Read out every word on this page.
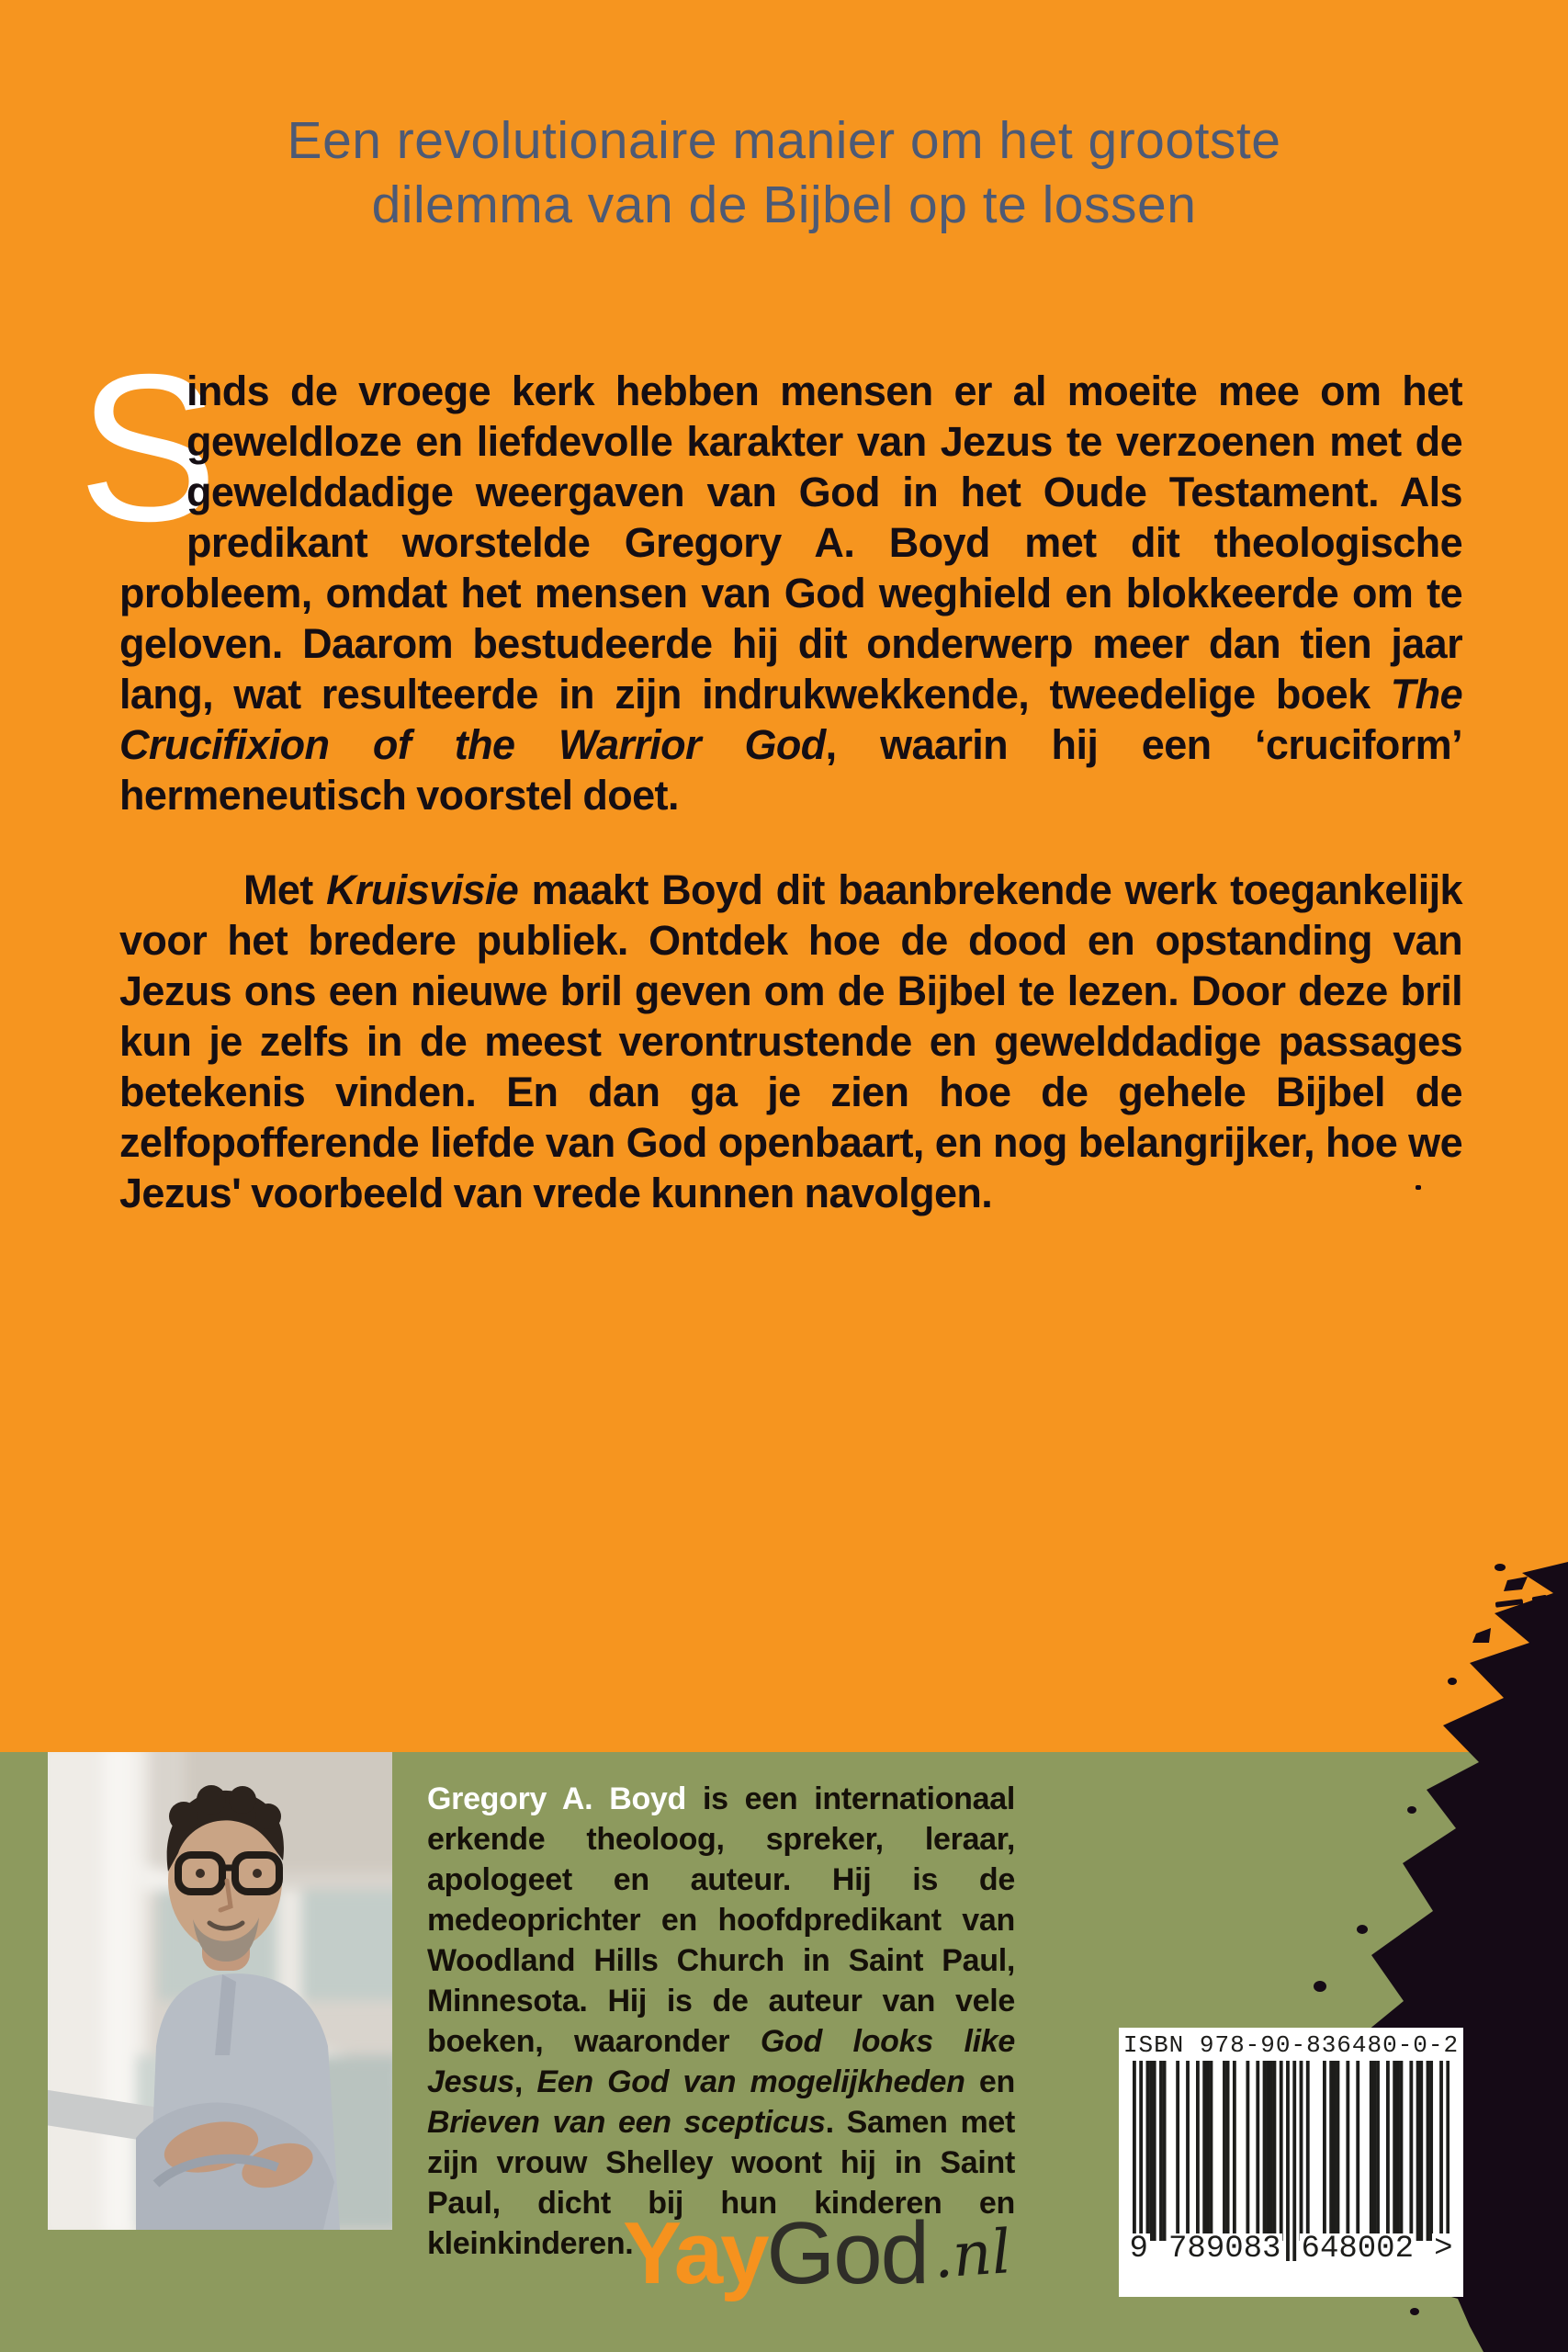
Een revolutionaire manier om het grootste
dilemma van de Bijbel op te lossen

S
inds de vroege kerk hebben mensen er al moeite mee om het geweldloze en liefdevolle karakter van Jezus te verzoenen met de gewelddadige weergaven van God in het Oude Testament. Als predikant worstelde Gregory A. Boyd met dit theologische probleem, omdat het mensen van God weghield en blokkeerde om te geloven. Daarom bestudeerde hij dit onderwerp meer dan tien jaar lang, wat resulteerde in zijn indrukwekkende, tweedelige boek The Crucifixion of the Warrior God, waarin hij een ‘cruciform’ hermeneutisch voorstel doet.

Met Kruisvisie maakt Boyd dit baanbrekende werk toegankelijk voor het bredere publiek. Ontdek hoe de dood en opstanding van Jezus ons een nieuwe bril geven om de Bijbel te lezen. Door deze bril kun je zelfs in de meest verontrustende en gewelddadige passages betekenis vinden. En dan ga je zien hoe de gehele Bijbel de zelfopofferende liefde van God openbaart, en nog belangrijker, hoe we Jezus' voorbeeld van vrede kunnen navolgen.

Gregory A. Boyd is een internationaal erkende theoloog, spreker, leraar, apologeet en auteur. Hij is de medeoprichter en hoofdpredikant van Woodland Hills Church in Saint Paul, Minnesota. Hij is de auteur van vele boeken, waaronder God looks like Jesus, Een God van mogelijkheden en Brieven van een scepticus. Samen met zijn vrouw Shelley woont hij in Saint Paul, dicht bij hun kinderen en kleinkinderen.
ISBN 978-90-836480-0-2
9 789083 648002 >
Yay God .nl
